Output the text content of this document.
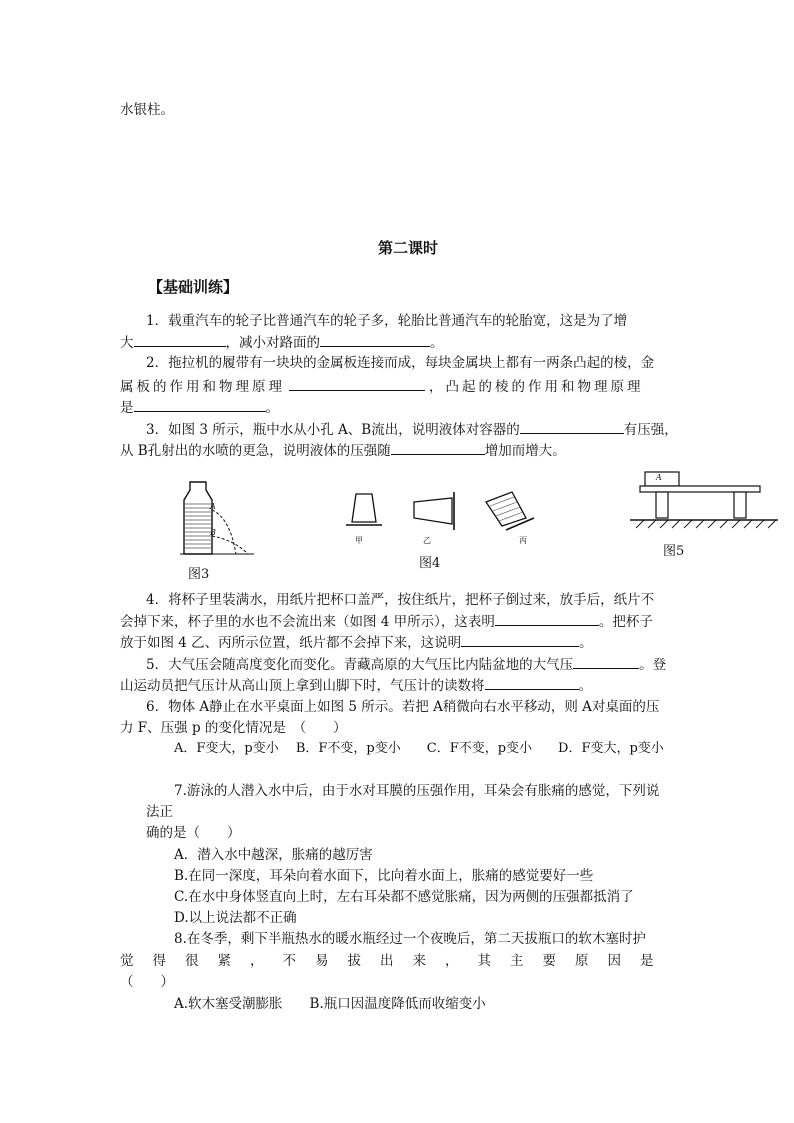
水银柱。
第二课时
【基础训练】
1．载重汽车的轮子比普通汽车的轮子多，轮胎比普通汽车的轮胎宽，这是为了增
大	，减小对路面的	。
2．拖拉机的履带有一块块的金属板连接而成，每块金属块上都有一两条凸起的棱，金
属板的作用和物理原理	，凸起的棱的作用和物理原理
是	。
3．如图 3 所示，瓶中水从小孔 A、B流出，说明液体对容器的	有压强，
从 B孔射出的水喷的更急，说明液体的压强随	增加而增大。
A
B
图3
甲	乙	丙
图4
A
图5
4．将杯子里装满水，用纸片把杯口盖严，按住纸片，把杯子倒过来，放手后，纸片不
会掉下来，杯子里的水也不会流出来（如图 4 甲所示），这表明	。把杯子
放于如图 4 乙、丙所示位置，纸片都不会掉下来，这说明	。
5．大气压会随高度变化而变化。青藏高原的大气压比内陆盆地的大气压	。登
山运动员把气压计从高山顶上拿到山脚下时，气压计的读数将	。
6．物体 A静止在水平桌面上如图 5 所示。若把 A稍微向右水平移动，则 A对桌面的压
力 F、压强 p 的变化情况是　（　　）
A．F变大，p变小　 B．F不变，p变小　　C．F不变，p变小　　D．F变大，p变小
7.游泳的人潜入水中后，由于水对耳膜的压强作用，耳朵会有胀痛的感觉，下列说
法正
确的是（　　）
A．潜入水中越深，胀痛的越厉害
B.在同一深度，耳朵向着水面下，比向着水面上，胀痛的感觉要好一些
C.在水中身体竖直向上时，左右耳朵都不感觉胀痛，因为两侧的压强都抵消了
D.以上说法都不正确
8.在冬季，剩下半瓶热水的暖水瓶经过一个夜晚后，第二天拔瓶口的软木塞时护
觉得很紧，不易拔出来，其主要原因是
（　　）
A.软木塞受潮膨胀　　B.瓶口因温度降低而收缩变小
